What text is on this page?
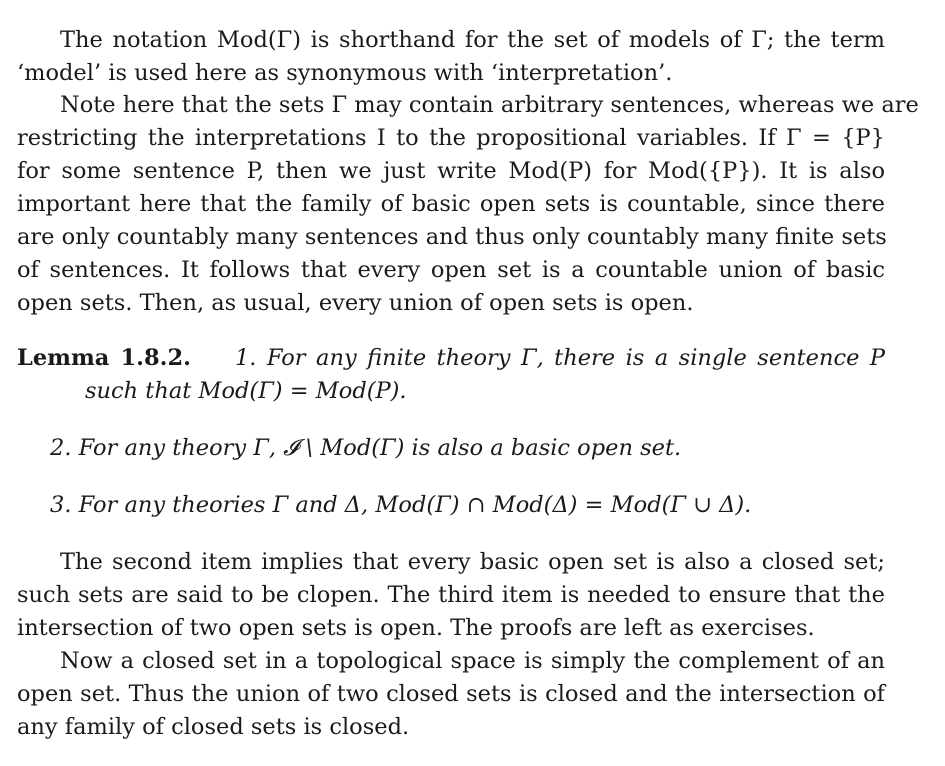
The notation Mod(Γ) is shorthand for the set of models of Γ; the term
‘model’ is used here as synonymous with ‘interpretation’.
Note here that the sets Γ may contain arbitrary sentences, whereas we are
restricting the interpretations I to the propositional variables. If Γ = {P}
for some sentence P, then we just write Mod(P) for Mod({P}). It is also
important here that the family of basic open sets is countable, since there
are only countably many sentences and thus only countably many finite sets
of sentences. It follows that every open set is a countable union of basic
open sets. Then, as usual, every union of open sets is open.
Lemma 1.8.2. 1. For any finite theory Γ, there is a single sentence P
such that Mod(Γ) = Mod(P).
2. For any theory Γ, 𝓘 \ Mod(Γ) is also a basic open set.
3. For any theories Γ and Δ, Mod(Γ) ∩ Mod(Δ) = Mod(Γ ∪ Δ).
The second item implies that every basic open set is also a closed set;
such sets are said to be clopen. The third item is needed to ensure that the
intersection of two open sets is open. The proofs are left as exercises.
Now a closed set in a topological space is simply the complement of an
open set. Thus the union of two closed sets is closed and the intersection of
any family of closed sets is closed.
